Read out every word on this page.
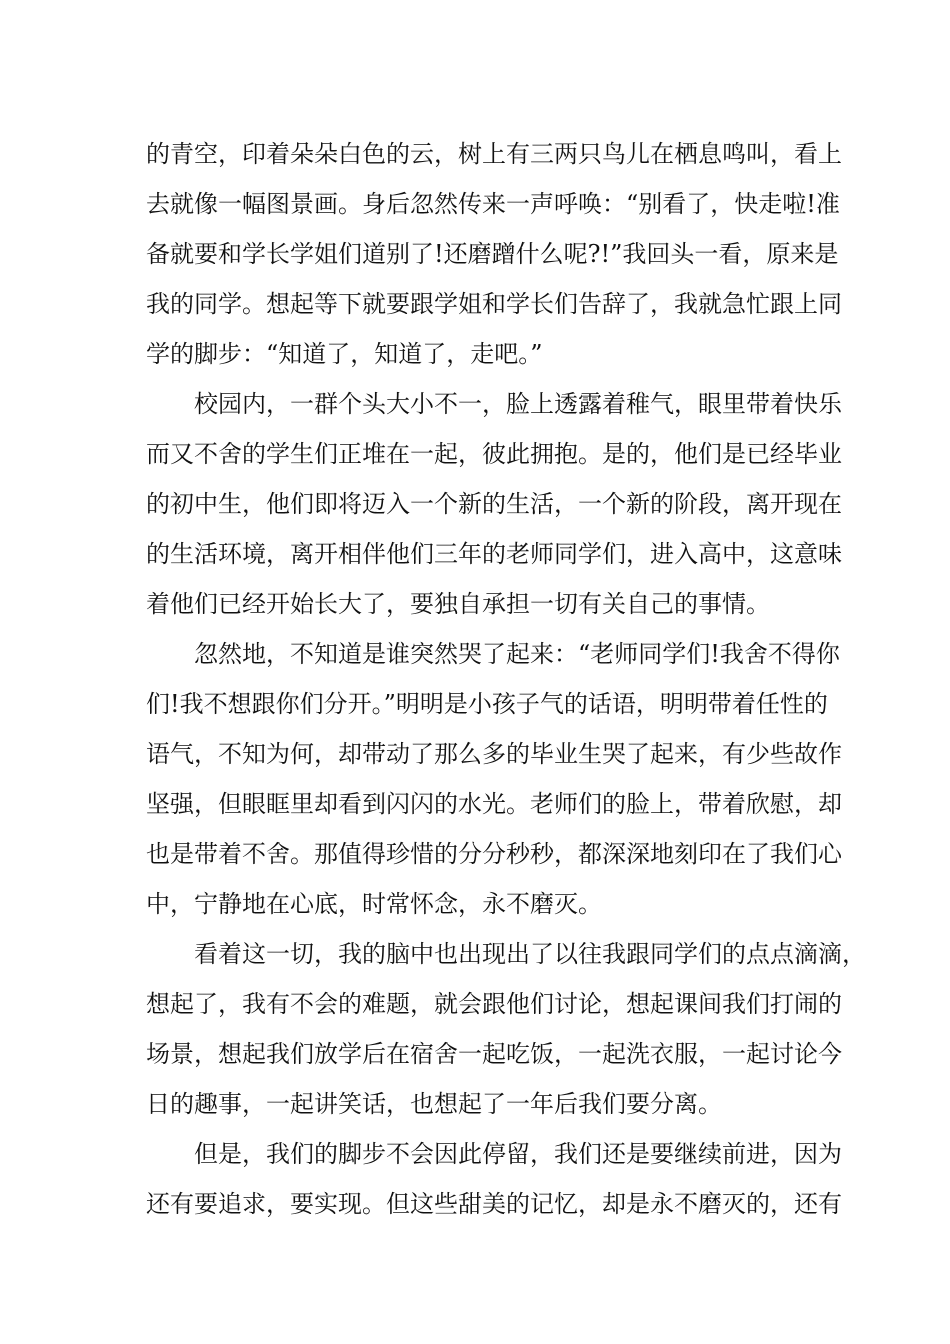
的青空，印着朵朵白色的云，树上有三两只鸟儿在栖息鸣叫，看上
去就像一幅图景画。身后忽然传来一声呼唤：“别看了，快走啦!准
备就要和学长学姐们道别了!还磨蹭什么呢?!”我回头一看，原来是
我的同学。想起等下就要跟学姐和学长们告辞了，我就急忙跟上同
学的脚步：“知道了，知道了，走吧。”
校园内，一群个头大小不一，脸上透露着稚气，眼里带着快乐
而又不舍的学生们正堆在一起，彼此拥抱。是的，他们是已经毕业
的初中生，他们即将迈入一个新的生活，一个新的阶段，离开现在
的生活环境，离开相伴他们三年的老师同学们，进入高中，这意味
着他们已经开始长大了，要独自承担一切有关自己的事情。
忽然地，不知道是谁突然哭了起来：“老师同学们!我舍不得你
们!我不想跟你们分开。”明明是小孩子气的话语，明明带着任性的
语气，不知为何，却带动了那么多的毕业生哭了起来，有少些故作
坚强，但眼眶里却看到闪闪的水光。老师们的脸上，带着欣慰，却
也是带着不舍。那值得珍惜的分分秒秒，都深深地刻印在了我们心
中，宁静地在心底，时常怀念，永不磨灭。
看着这一切，我的脑中也出现出了以往我跟同学们的点点滴滴，
想起了，我有不会的难题，就会跟他们讨论，想起课间我们打闹的
场景，想起我们放学后在宿舍一起吃饭，一起洗衣服，一起讨论今
日的趣事，一起讲笑话，也想起了一年后我们要分离。
但是，我们的脚步不会因此停留，我们还是要继续前进，因为
还有要追求，要实现。但这些甜美的记忆，却是永不磨灭的，还有
